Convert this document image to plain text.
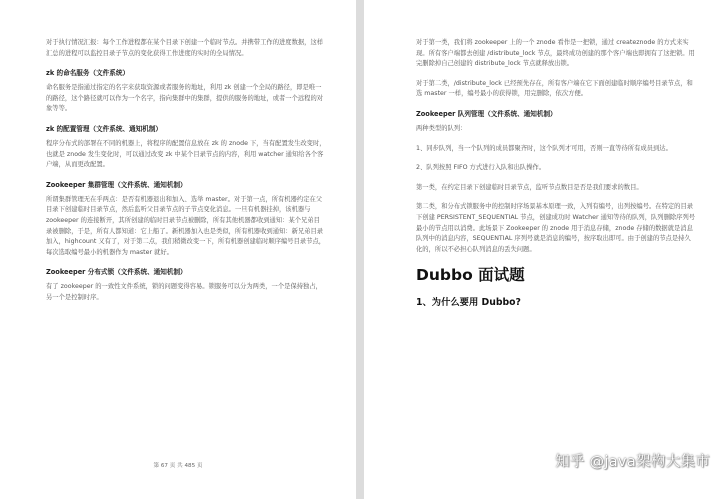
对于执行情况汇报：每个工作进程都在某个目录下创建一个临时节点。并携带工作的进度数据，这样汇总的进程可以监控目录子节点的变化获得工作进度的实时的全局情况。

zk 的命名服务（文件系统）

命名服务是指通过指定的名字来获取资源或者服务的地址，利用 zk 创建一个全局的路径，即是唯一的路径，这个路径就可以作为一个名字，指向集群中的集群，提供的服务的地址，或者一个远程的对象等等。

zk 的配置管理（文件系统、通知机制）

程序分布式的部署在不同的机器上，将程序的配置信息放在 zk 的 znode 下，当有配置发生改变时，也就是 znode 发生变化时，可以通过改变 zk 中某个目录节点的内容，利用 watcher 通知给各个客户端，从而更改配置。

Zookeeper 集群管理（文件系统、通知机制）

所谓集群管理无在乎两点：是否有机器退出和加入、选举 master。对于第一点，所有机器约定在父目录下创建临时目录节点，然后监听父目录节点的子节点变化消息。一旦有机器挂掉，该机器与 zookeeper 的连接断开，其所创建的临时目录节点被删除，所有其他机器都收到通知：某个兄弟目录被删除，于是，所有人都知道：它上船了。新机器加入也是类似，所有机器收到通知：新兄弟目录加入，highcount 又有了，对于第二点，我们稍微改变一下，所有机器创建临时顺序编号目录节点，每次选取编号最小的机器作为 master 就好。

Zookeeper 分布式锁（文件系统、通知机制）

有了 zookeeper 的一致性文件系统，锁的问题变得容易。锁服务可以分为两类，一个是保持独占，另一个是控制时序。

第 67 页 共 485 页

对于第一类，我们将 zookeeper 上的一个 znode 看作是一把锁，通过 createznode 的方式来实现。所有客户端都去创建 /distribute_lock 节点，最终成功创建的那个客户端也即拥有了这把锁。用完删除掉自己创建的 distribute_lock 节点就释放出锁。

对于第二类，/distribute_lock 已经预先存在，所有客户端在它下面创建临时顺序编号目录节点，和选 master 一样，编号最小的获得锁，用完删除，依次方便。

Zookeeper 队列管理（文件系统、通知机制）

两种类型的队列：

1、同步队列，当一个队列的成员都聚齐时，这个队列才可用，否则一直等待所有成员到达。

2、队列按照 FIFO 方式进行入队和出队操作。

第一类，在约定目录下创建临时目录节点，监听节点数目是否是我们要求的数目。

第二类，和分布式锁服务中的控制时序场景基本原理一致，入列有编号，出列按编号。在特定的目录下创建 PERSISTENT_SEQUENTIAL 节点，创建成功时 Watcher 通知等待的队列，队列删除序列号最小的节点用以消费。此场景下 Zookeeper 的 znode 用于消息存储，znode 存储的数据就是消息队列中的消息内容，SEQUENTIAL 序列号就是消息的编号，按序取出即可。由于创建的节点是持久化的，所以不必担心队列消息的丢失问题。

Dubbo 面试题
1、为什么要用 Dubbo?
知乎 @java架构大集市
